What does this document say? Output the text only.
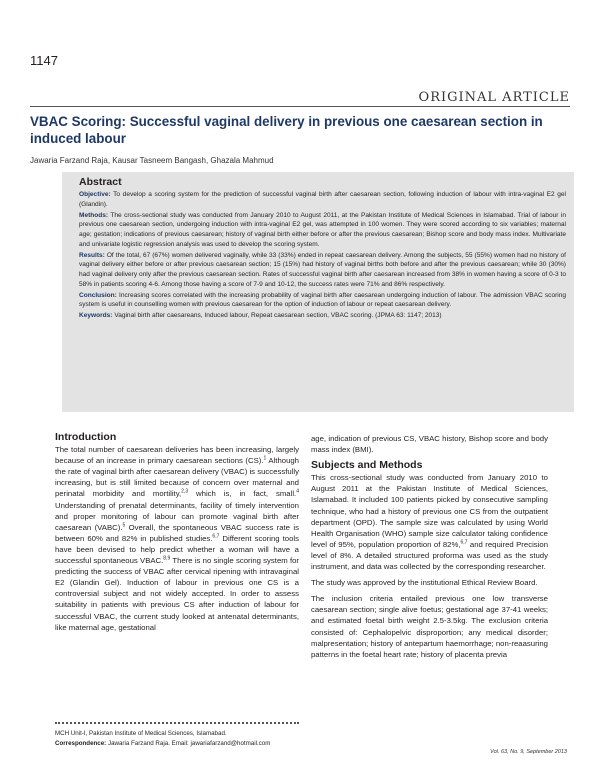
1147
ORIGINAL ARTICLE
VBAC Scoring: Successful vaginal delivery in previous one caesarean section in induced labour
Jawaria Farzand Raja, Kausar Tasneem Bangash, Ghazala Mahmud
Abstract

Objective: To develop a scoring system for the prediction of successful vaginal birth after caesarean section, following induction of labour with intra-vaginal E2 gel (Glandin).

Methods: The cross-sectional study was conducted from January 2010 to August 2011, at the Pakistan Institute of Medical Sciences in Islamabad. Trial of labour in previous one caesarean section, undergoing induction with intra-vaginal E2 gel, was attempted in 100 women. They were scored according to six variables; maternal age; gestation; indications of previous caesarean; history of vaginal birth either before or after the previous caesarean; Bishop score and body mass index. Multivariate and univariate logistic regression analysis was used to develop the scoring system.

Results: Of the total, 67 (67%) women delivered vaginally, while 33 (33%) ended in repeat caesarean delivery. Among the subjects, 55 (55%) women had no history of vaginal delivery either before or after previous caesarean section; 15 (15%) had history of vaginal births both before and after the previous caesarean; while 30 (30%) had vaginal delivery only after the previous caesarean section. Rates of successful vaginal birth after caesarean increased from 38% in women having a score of 0-3 to 58% in patients scoring 4-6. Among those having a score of 7-9 and 10-12, the success rates were 71% and 86% respectively.

Conclusion: Increasing scores correlated with the increasing probability of vaginal birth after caesarean undergoing induction of labour. The admission VBAC scoring system is useful in counselling women with previous caesarean for the option of induction of labour or repeat caesarean delivery.

Keywords: Vaginal birth after caesareans, Induced labour, Repeat caesarean section, VBAC scoring. (JPMA 63: 1147; 2013)

Introduction

The total number of caesarean deliveries has been increasing, largely because of an increase in primary caesarean sections (CS).$^1$ Although the rate of vaginal birth after caesarean delivery (VBAC) is successfully increasing, but is still limited because of concern over maternal and perinatal morbidity and mortility,$^{2,3}$ which is, in fact, small.$^4$ Understanding of prenatal determinants, facility of timely intervention and proper monitoring of labour can promote vaginal birth after caesarean (VABC).$^5$ Overall, the spontaneous VBAC success rate is between 60% and 82% in published studies.$^{6,7}$ Different scoring tools have been devised to help predict whether a woman will have a successful spontaneous VBAC.$^{8,9}$ There is no single scoring system for predicting the success of VBAC after cervical ripening with intravaginal E2 (Glandin Gel). Induction of labour in previous one CS is a controversial subject and not widely accepted. In order to assess suitability in patients with previous CS after induction of labour for successful VBAC, the current study looked at antenatal determinants, like maternal age, gestational

age, indication of previous CS, VBAC history, Bishop score and body mass index (BMI).

Subjects and Methods

This cross-sectional study was conducted from January 2010 to August 2011 at the Pakistan Institute of Medical Sciences, Islamabad. It included 100 patients picked by consecutive sampling technique, who had a history of previous one CS from the outpatient department (OPD). The sample size was calculated by using World Health Organisation (WHO) sample size calculator taking confidence level of 95%, population proportion of 82%,$^{6,7}$ and required Precision level of 8%. A detailed structured proforma was used as the study instrument, and data was collected by the corresponding researcher.

The study was approved by the institutional Ethical Review Board.

The inclusion criteria entailed previous one low transverse caesarean section; single alive foetus; gestational age 37-41 weeks; and estimated foetal birth weight 2.5-3.5kg. The exclusion criteria consisted of: Cephalopelvic disproportion; any medical disorder; malpresentation; history of antepartum haemorrhage; non-reaasuring patterns in the foetal heart rate; history of placenta previa

MCH Unit-I, Pakistan Institute of Medical Sciences, Islamabad.
Correspondence: Jawaria Farzand Raja. Email: jawariafarzand@hotmail.com
Vol. 63, No. 9, September 2013
